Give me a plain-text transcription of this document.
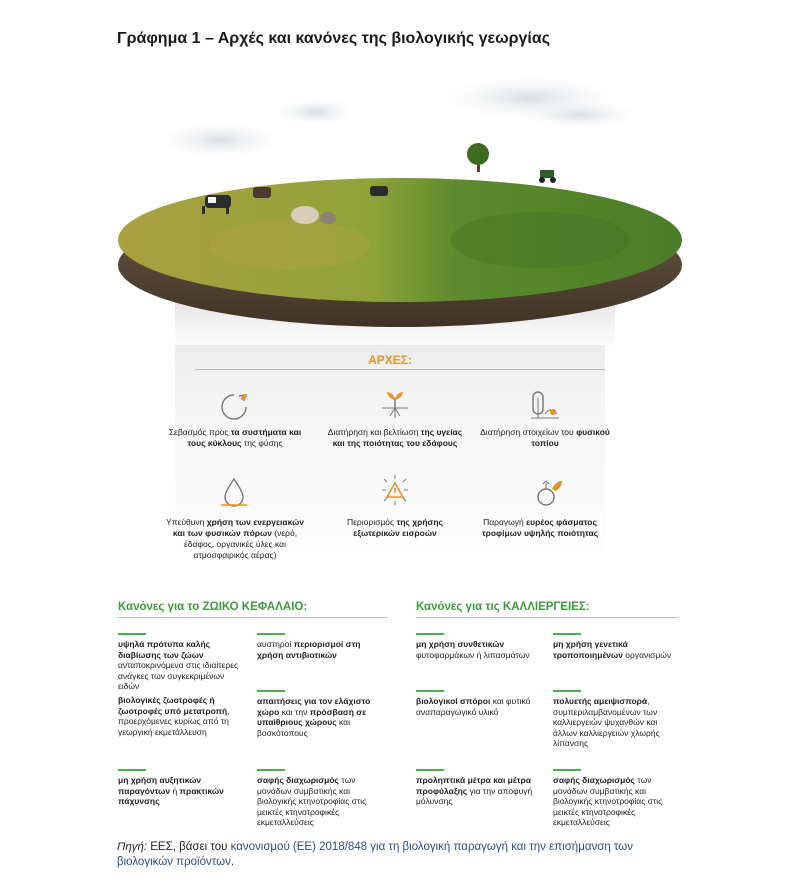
Γράφημα 1 – Αρχές και κανόνες της βιολογικής γεωργίας
ΑΡΧΕΣ:
Σεβασμός προς τα συστήματα και τους κύκλους της φύσης
Διατήρηση και βελτίωση της υγείας και της ποιότητας του εδάφους
Διατήρηση στοιχείων του φυσικού τοπίου
Υπεύθυνη χρήση των ενεργειακών και των φυσικών πόρων (νερό, έδαφος, οργανικές ύλες και ατμοσφαιρικός αέρας)
Περιορισμός της χρήσης εξωτερικών εισροών
Παραγωγή ευρέος φάσματος τροφίμων υψηλής ποιότητας
Κανόνες για το ΖΩΙΚΟ ΚΕΦΑΛΑΙΟ:
υψηλά πρότυπα καλής διαβίωσης των ζώων ανταποκρινόμενα στις ιδιαίτερες ανάγκες των συγκεκριμένων ειδών
αυστηροί περιορισμοί στη χρήση αντιβιοτικών
βιολογικές ζωοτροφές ή ζωοτροφές υπό μετατροπή, προερχόμενες κυρίως από τη γεωργική εκμετάλλευση
απαιτήσεις για τον ελάχιστο χώρο και την πρόσβαση σε υπαίθριους χώρους και βοσκότοπους
μη χρήση αυξητικών παραγόντων ή πρακτικών πάχυνσης
σαφής διαχωρισμός των μονάδων συμβατικής και βιολογικής κτηνοτροφίας στις μεικτές κτηνοτροφικές εκμεταλλεύσεις
Κανόνες για τις ΚΑΛΛΙΕΡΓΕΙΕΣ:
μη χρήση συνθετικών φυτοφαρμάκων ή λιπασμάτων
μη χρήση γενετικά τροποποιημένων οργανισμών
βιολογικοί σπόροι και φυτικό αναπαραγωγικό υλικό
πολυετής αμειψισπορά, συμπεριλαμβανομένων των καλλιεργειών ψυχανθών και άλλων καλλιεργειών χλωρής λίπανσης
προληπτικά μέτρα και μέτρα προφύλαξης για την αποφυγή μόλυνσης
σαφής διαχωρισμός των μονάδων συμβατικής και βιολογικής κτηνοτροφίας στις μεικτές κτηνοτροφικές εκμεταλλεύσεις
Πηγή: ΕΕΣ, βάσει του κανονισμού (ΕΕ) 2018/848 για τη βιολογική παραγωγή και την επισήμανση των βιολογικών προϊόντων.
